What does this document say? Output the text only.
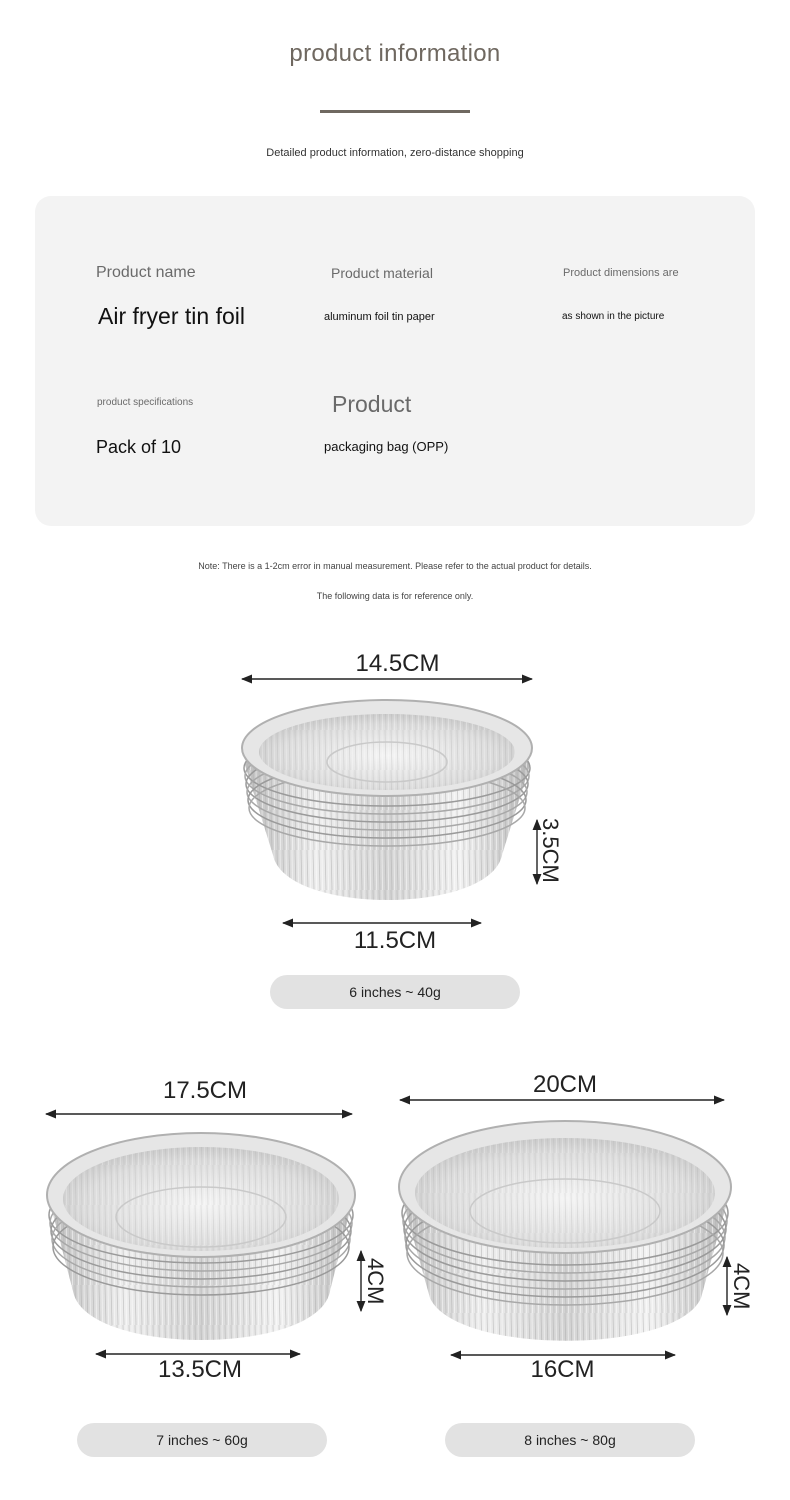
product information
Detailed product information, zero-distance shopping
Product name
Air fryer tin foil
Product material
aluminum foil tin paper
Product dimensions are
as shown in the picture
product specifications
Pack of 10
Product
packaging bag (OPP)
Note: There is a 1-2cm error in manual measurement. Please refer to the actual product for details.
The following data is for reference only.
14.5CM
3.5CM
11.5CM
6 inches ~ 40g
17.5CM
4CM
13.5CM
7 inches ~ 60g
20CM
4CM
16CM
8 inches ~ 80g
